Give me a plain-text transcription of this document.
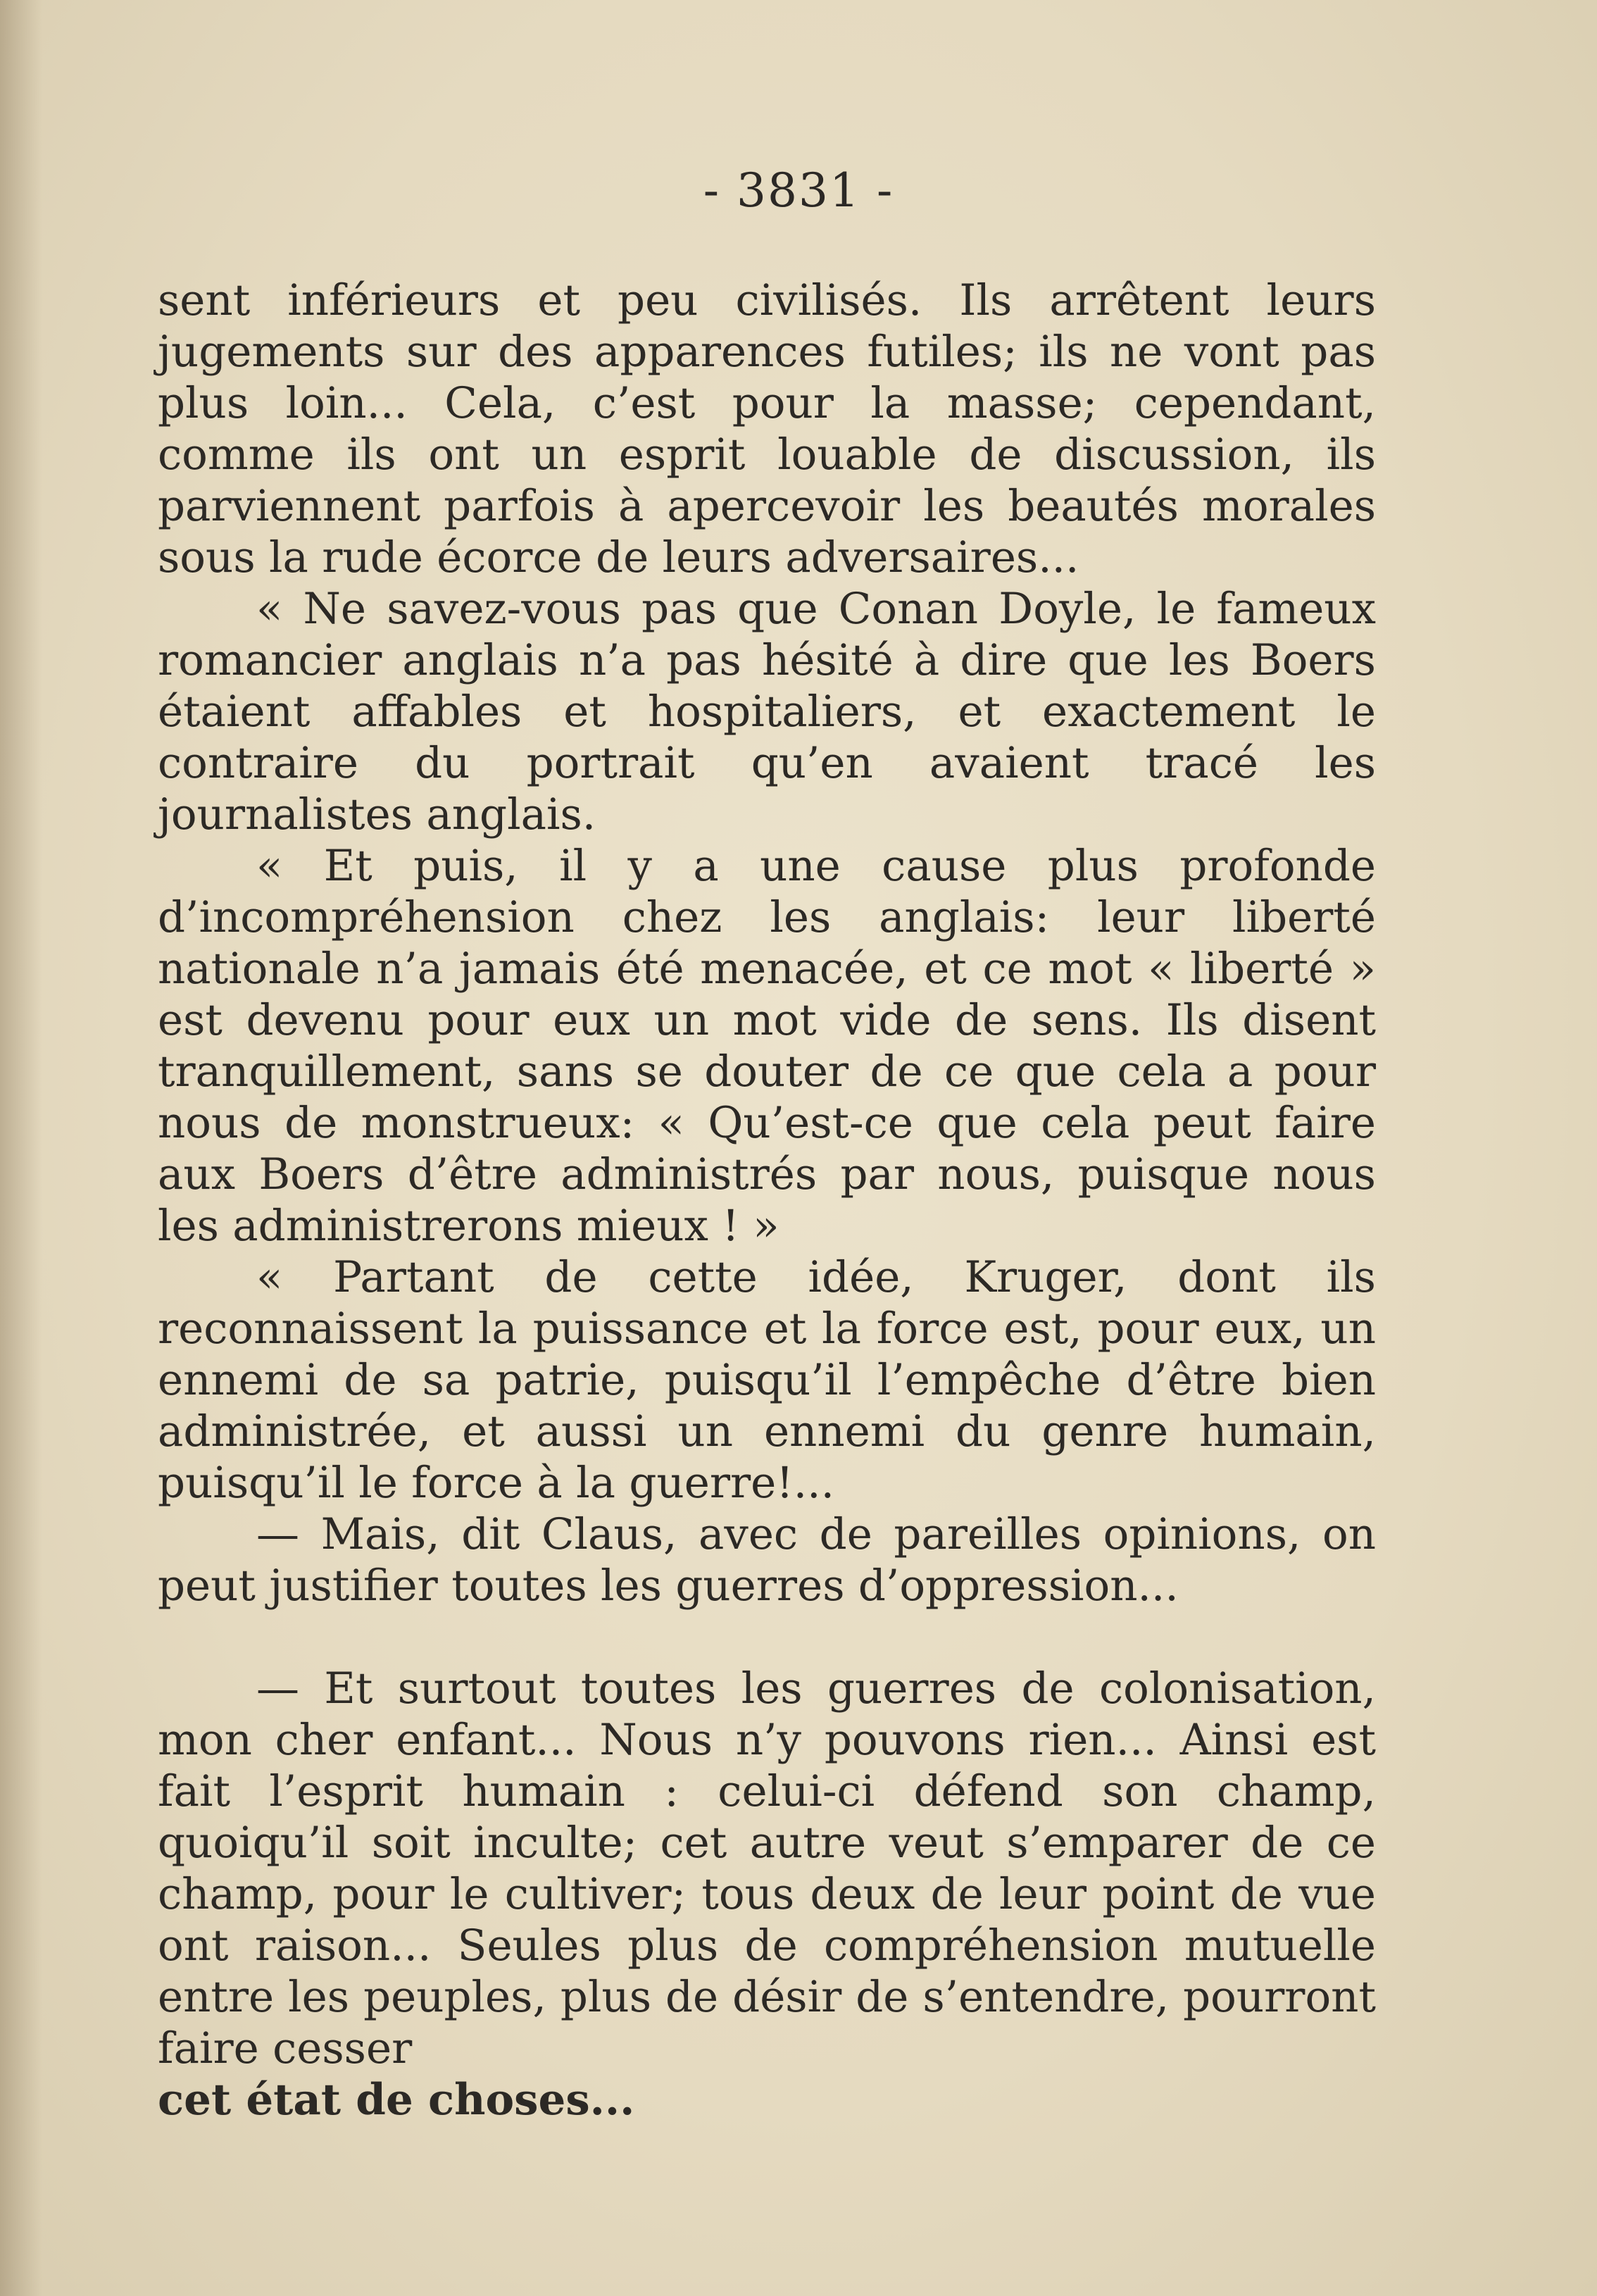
- 3831 -

sent inférieurs et peu civilisés. Ils arrêtent leurs jugements sur des apparences futiles; ils ne vont pas plus loin... Cela, c’est pour la masse; cependant, comme ils ont un esprit louable de discussion, ils parviennent parfois à apercevoir les beautés morales sous la rude écorce de leurs adversaires...

« Ne savez-vous pas que Conan Doyle, le fameux romancier anglais n’a pas hésité à dire que les Boers étaient affables et hospitaliers, et exactement le contraire du portrait qu’en avaient tracé les journalistes anglais.

« Et puis, il y a une cause plus profonde d’incompréhension chez les anglais: leur liberté nationale n’a jamais été menacée, et ce mot « liberté » est devenu pour eux un mot vide de sens. Ils disent tranquillement, sans se douter de ce que cela a pour nous de monstrueux: « Qu’est-ce que cela peut faire aux Boers d’être administrés par nous, puisque nous les administrerons mieux ! »

« Partant de cette idée, Kruger, dont ils reconnaissent la puissance et la force est, pour eux, un ennemi de sa patrie, puisqu’il l’empêche d’être bien administrée, et aussi un ennemi du genre humain, puisqu’il le force à la guerre!...

— Mais, dit Claus, avec de pareilles opinions, on peut justifier toutes les guerres d’oppression...

— Et surtout toutes les guerres de colonisation, mon cher enfant... Nous n’y pouvons rien... Ainsi est fait l’esprit humain : celui-ci défend son champ, quoiqu’il soit inculte; cet autre veut s’emparer de ce champ, pour le cultiver; tous deux de leur point de vue ont raison... Seules plus de compréhension mutuelle entre les peuples, plus de désir de s’entendre, pourront faire cesser

cet état de choses...
